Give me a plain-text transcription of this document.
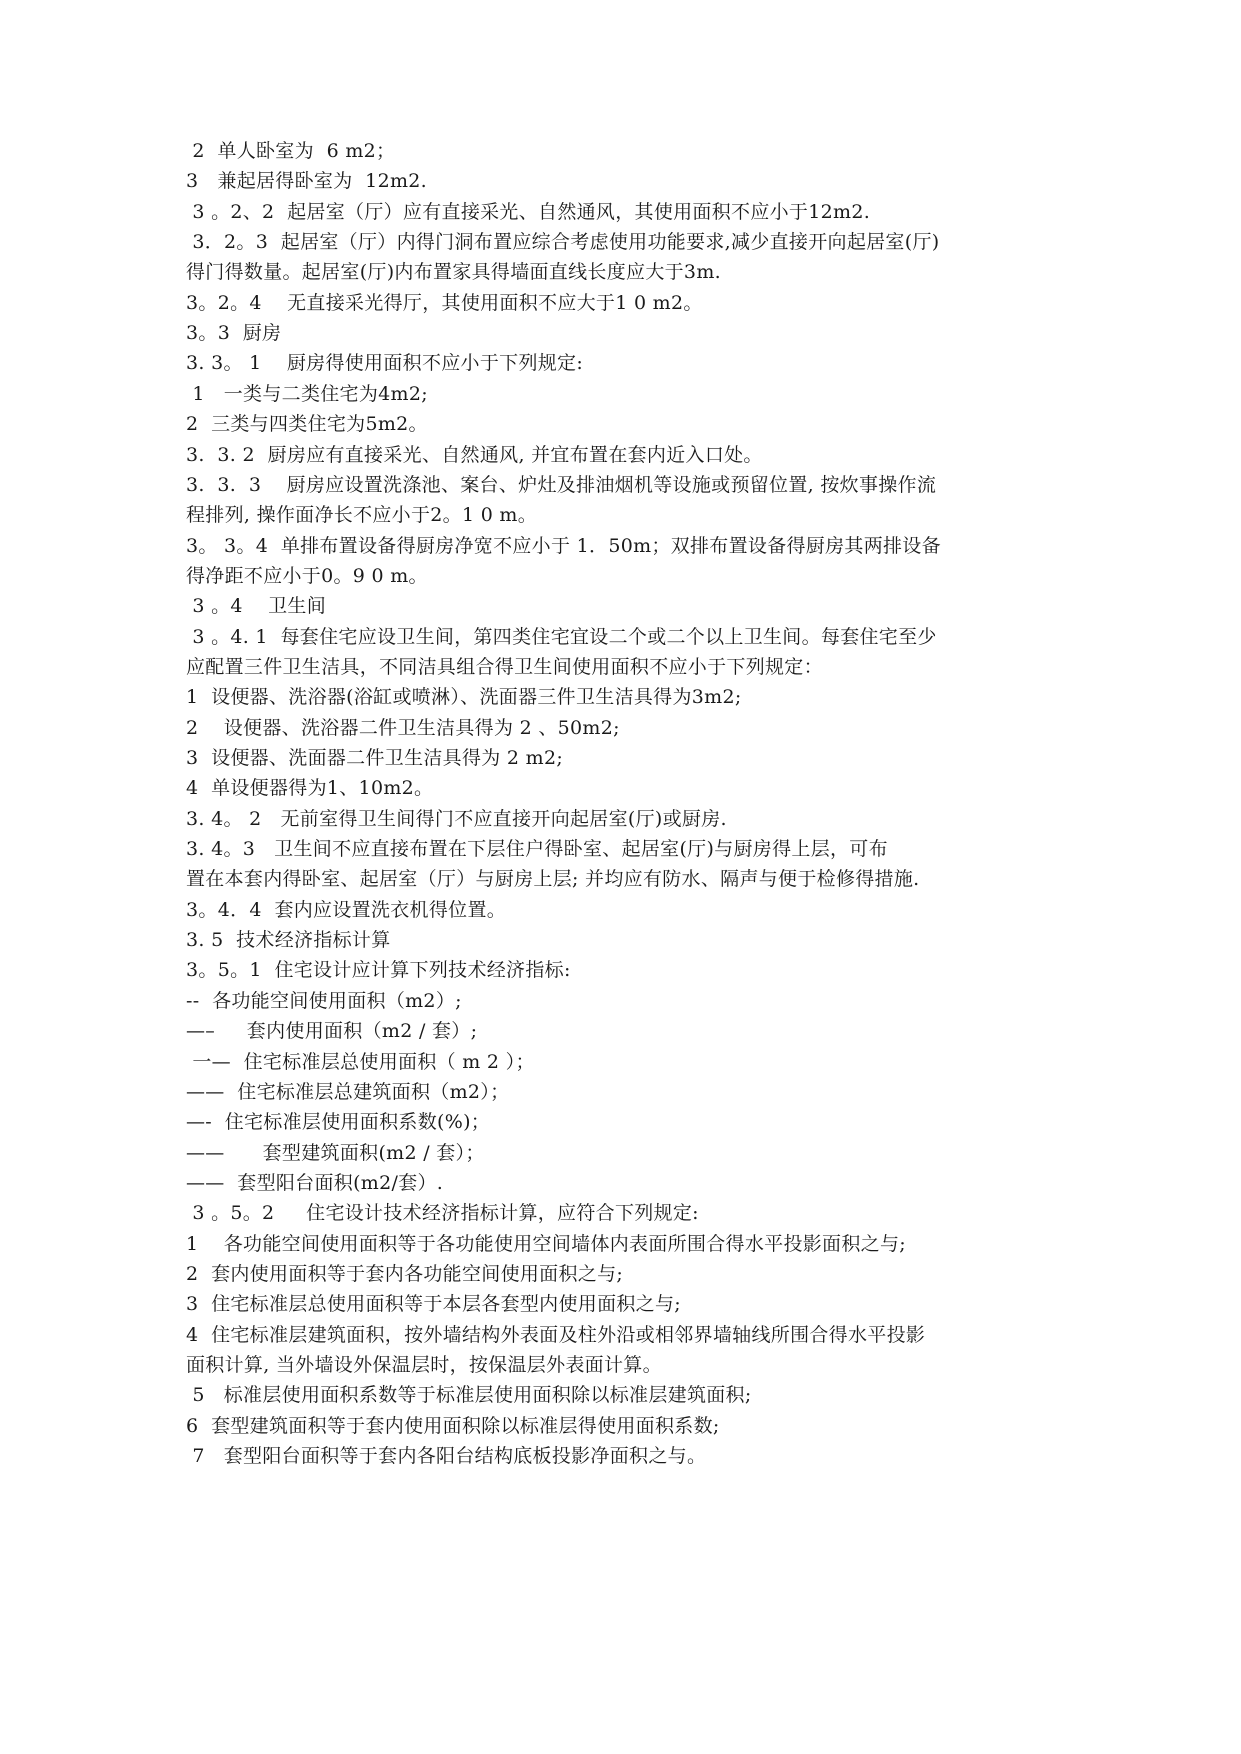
2  单人卧室为  6 m2；
3   兼起居得卧室为  12m2.
3 。2、2  起居室（厅）应有直接采光、自然通风，其使用面积不应小于12m2.
3．2。3  起居室（厅）内得门洞布置应综合考虑使用功能要求,减少直接开向起居室(厅)
得门得数量。起居室(厅)内布置家具得墙面直线长度应大于3m.
3。2。4    无直接采光得厅，其使用面积不应大于1 0 m2。
3。3  厨房
3. 3。 1    厨房得使用面积不应小于下列规定:
1   一类与二类住宅为4m2;
2  三类与四类住宅为5m2。
3.  3. 2  厨房应有直接采光、自然通风, 并宜布置在套内近入口处。
3.  3.  3    厨房应设置洗涤池、案台、炉灶及排油烟机等设施或预留位置, 按炊事操作流
程排列, 操作面净长不应小于2。1 0 m。
3。 3。4  单排布置设备得厨房净宽不应小于 1．50m；双排布置设备得厨房其两排设备
得净距不应小于0。9 0 m。
3 。4    卫生间
3 。4. 1  每套住宅应设卫生间，第四类住宅宜设二个或二个以上卫生间。每套住宅至少
应配置三件卫生洁具，不同洁具组合得卫生间使用面积不应小于下列规定：
1  设便器、洗浴器(浴缸或喷淋）、洗面器三件卫生洁具得为3m2;
2    设便器、洗浴器二件卫生洁具得为 2 、50m2;
3  设便器、洗面器二件卫生洁具得为 2 m2;
4  单设便器得为1、10m2。
3. 4。 2   无前室得卫生间得门不应直接开向起居室(厅)或厨房.
3. 4。3   卫生间不应直接布置在下层住户得卧室、起居室(厅)与厨房得上层，可布
置在本套内得卧室、起居室（厅）与厨房上层; 并均应有防水、隔声与便于检修得措施.
3。4．4  套内应设置洗衣机得位置。
3. 5  技术经济指标计算
3。5。1  住宅设计应计算下列技术经济指标:
--  各功能空间使用面积（m2）;
—–     套内使用面积（m2 / 套）;
一—  住宅标准层总使用面积（ m 2 ）；
——  住宅标准层总建筑面积（m2）；
—-  住宅标准层使用面积系数(%)；
——      套型建筑面积(m2 / 套）；
——  套型阳台面积(m2/套）.
3 。5。2     住宅设计技术经济指标计算，应符合下列规定:
1    各功能空间使用面积等于各功能使用空间墙体内表面所围合得水平投影面积之与;
2  套内使用面积等于套内各功能空间使用面积之与;
3  住宅标准层总使用面积等于本层各套型内使用面积之与;
4  住宅标准层建筑面积，按外墙结构外表面及柱外沿或相邻界墙轴线所围合得水平投影
面积计算, 当外墙设外保温层时，按保温层外表面计算。
5   标准层使用面积系数等于标准层使用面积除以标准层建筑面积;
6  套型建筑面积等于套内使用面积除以标准层得使用面积系数;
7   套型阳台面积等于套内各阳台结构底板投影净面积之与。
